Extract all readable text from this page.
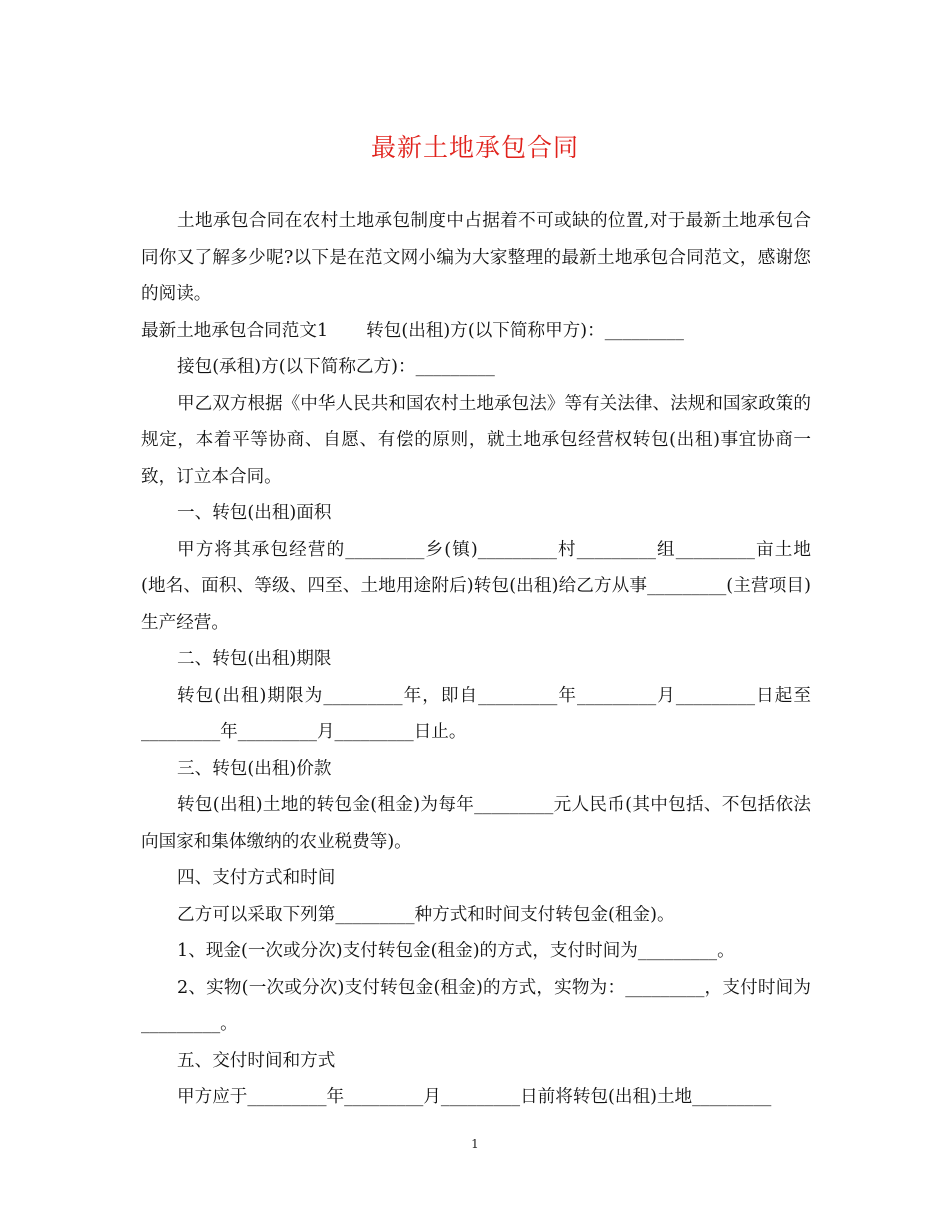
最新土地承包合同

土地承包合同在农村土地承包制度中占据着不可或缺的位置,对于最新土地承包合同你又了解多少呢?以下是在范文网小编为大家整理的最新土地承包合同范文，感谢您的阅读。

最新土地承包合同范文1 转包(出租)方(以下简称甲方)：_________

接包(承租)方(以下简称乙方)：_________

甲乙双方根据《中华人民共和国农村土地承包法》等有关法律、法规和国家政策的规定，本着平等协商、自愿、有偿的原则，就土地承包经营权转包(出租)事宜协商一致，订立本合同。

一、转包(出租)面积

甲方将其承包经营的_________乡(镇)_________村_________组_________亩土地(地名、面积、等级、四至、土地用途附后)转包(出租)给乙方从事_________(主营项目)生产经营。

二、转包(出租)期限

转包(出租)期限为_________年，即自_________年_________月_________日起至_________年_________月_________日止。

三、转包(出租)价款

转包(出租)土地的转包金(租金)为每年_________元人民币(其中包括、不包括依法向国家和集体缴纳的农业税费等)。

四、支付方式和时间

乙方可以采取下列第_________种方式和时间支付转包金(租金)。

1、现金(一次或分次)支付转包金(租金)的方式，支付时间为_________。

2、实物(一次或分次)支付转包金(租金)的方式，实物为：_________，支付时间为_________。

五、交付时间和方式

甲方应于_________年_________月_________日前将转包(出租)土地_________

1
